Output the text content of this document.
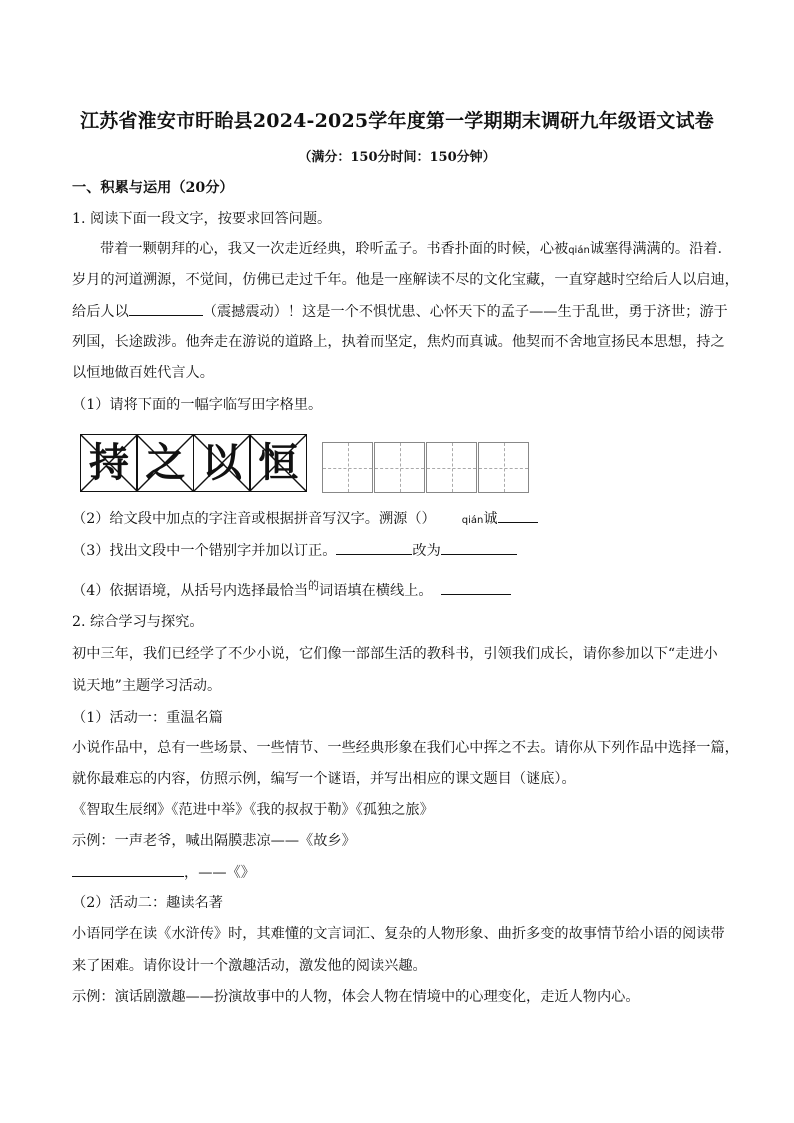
江苏省淮安市盱眙县2024-2025学年度第一学期期末调研九年级语文试卷
（满分：150分时间：150分钟）
一、积累与运用（20分）
1. 阅读下面一段文字，按要求回答问题。
带着一颗朝拜的心，我又一次走近经典，聆听孟子。书香扑面的时候，心被qián诚塞得满满的。沿着.
岁月的河道溯源，不觉间，仿佛已走过千年。他是一座解读不尽的文化宝藏，一直穿越时空给后人以启迪，
给后人以	（震撼震动）！这是一个不惧忧患、心怀天下的孟子——生于乱世，勇于济世；游于
列国，长途跋涉。他奔走在游说的道路上，执着而坚定，焦灼而真诚。他契而不舍地宣扬民本思想，持之
以恒地做百姓代言人。
（1）请将下面的一幅字临写田字格里。
持 之 以 恒
（2）给文段中加点的字注音或根据拼音写汉字。溯源（）	qián诚
（3）找出文段中一个错别字并加以订正。	改为
（4）依据语境，从括号内选择最恰当$^的$词语填在横线上。
2. 综合学习与探究。
初中三年，我们已经学了不少小说，它们像一部部生活的教科书，引领我们成长，请你参加以下“走进小
说天地”主题学习活动。
（1）活动一：重温名篇
小说作品中，总有一些场景、一些情节、一些经典形象在我们心中挥之不去。请你从下列作品中选择一篇，
就你最难忘的内容，仿照示例，编写一个谜语，并写出相应的课文题目（谜底）。
《智取生辰纲》《范进中举》《我的叔叔于勒》《孤独之旅》
示例：一声老爷，喊出隔膜悲凉——《故乡》
，——《》
（2）活动二：趣读名著
小语同学在读《水浒传》时，其难懂的文言词汇、复杂的人物形象、曲折多变的故事情节给小语的阅读带
来了困难。请你设计一个激趣活动，激发他的阅读兴趣。
示例：演话剧激趣——扮演故事中的人物，体会人物在情境中的心理变化，走近人物内心。
